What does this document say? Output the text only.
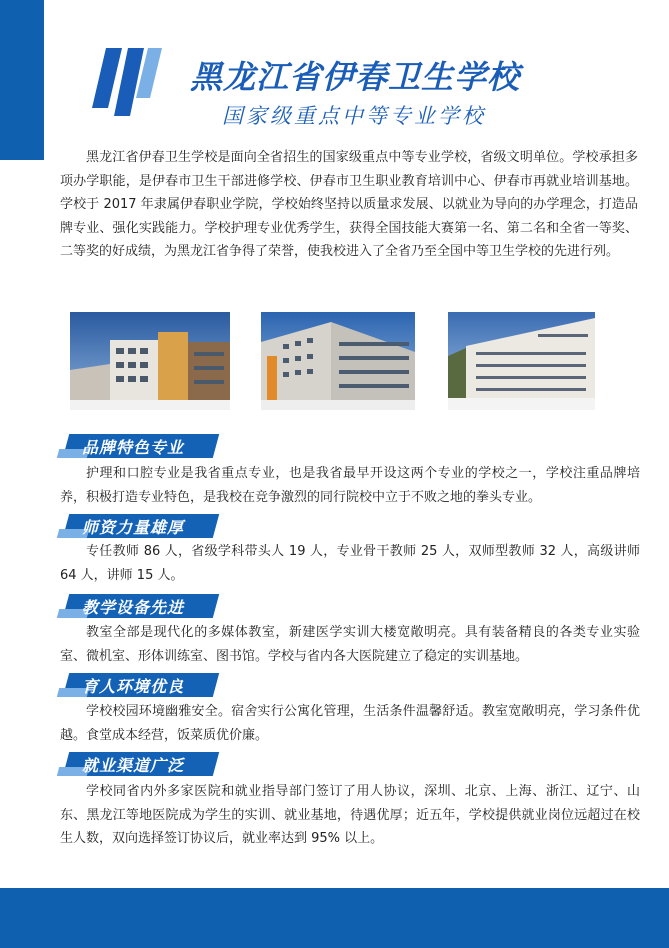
黑龙江省伊春卫生学校
国家级重点中等专业学校

黑龙江省伊春卫生学校是面向全省招生的国家级重点中等专业学校，省级文明单位。学校承担多项办学职能，是伊春市卫生干部进修学校、伊春市卫生职业教育培训中心、伊春市再就业培训基地。学校于 2017 年隶属伊春职业学院，学校始终坚持以质量求发展、以就业为导向的办学理念，打造品牌专业、强化实践能力。学校护理专业优秀学生，获得全国技能大赛第一名、第二名和全省一等奖、二等奖的好成绩，为黑龙江省争得了荣誉，使我校进入了全省乃至全国中等卫生学校的先进行列。

品牌特色专业

护理和口腔专业是我省重点专业，也是我省最早开设这两个专业的学校之一，学校注重品牌培养，积极打造专业特色，是我校在竞争激烈的同行院校中立于不败之地的拳头专业。

师资力量雄厚

专任教师 86 人，省级学科带头人 19 人，专业骨干教师 25 人，双师型教师 32 人，高级讲师 64 人，讲师 15 人。

教学设备先进

教室全部是现代化的多媒体教室，新建医学实训大楼宽敞明亮。具有装备精良的各类专业实验室、微机室、形体训练室、图书馆。学校与省内各大医院建立了稳定的实训基地。

育人环境优良

学校校园环境幽雅安全。宿舍实行公寓化管理，生活条件温馨舒适。教室宽敞明亮，学习条件优越。食堂成本经营，饭菜质优价廉。

就业渠道广泛

学校同省内外多家医院和就业指导部门签订了用人协议，深圳、北京、上海、浙江、辽宁、山东、黑龙江等地医院成为学生的实训、就业基地，待遇优厚；近五年，学校提供就业岗位远超过在校生人数，双向选择签订协议后，就业率达到 95% 以上。
